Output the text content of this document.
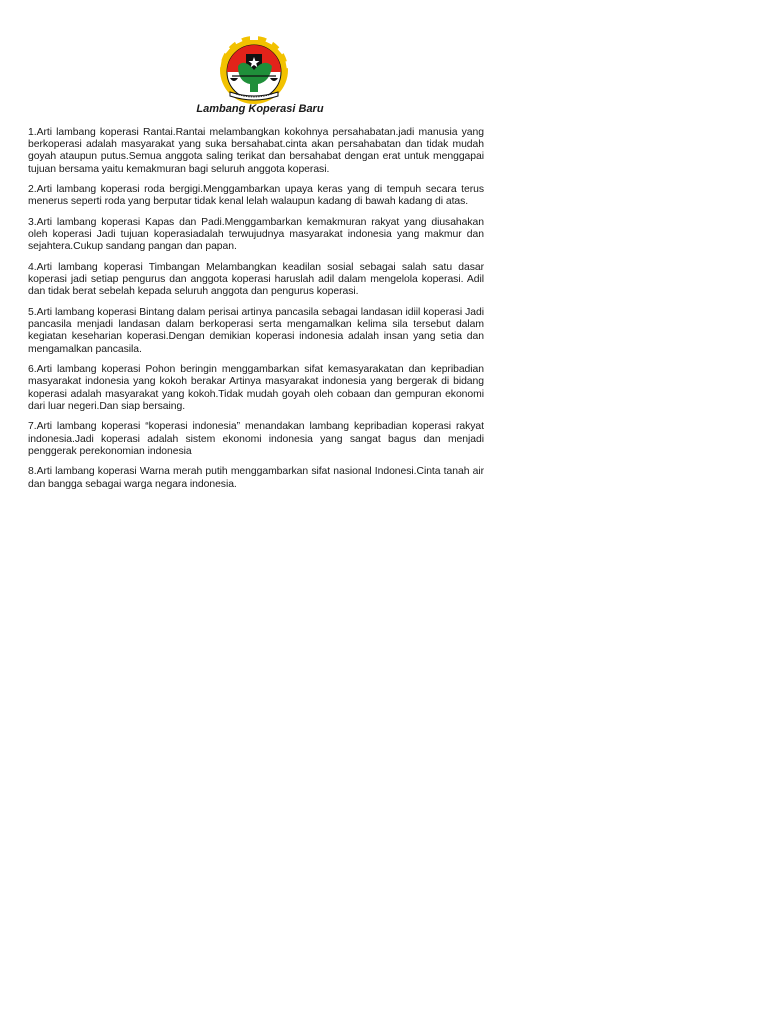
Lambang Koperasi Baru

1.Arti lambang koperasi Rantai.Rantai melambangkan kokohnya persahabatan.jadi manusia yang berkoperasi adalah masyarakat yang suka bersahabat.cinta akan persahabatan dan tidak mudah goyah ataupun putus.Semua anggota saling terikat dan bersahabat dengan erat untuk menggapai tujuan bersama yaitu kemakmuran bagi seluruh anggota koperasi.

2.Arti lambang koperasi roda bergigi.Menggambarkan upaya keras yang di tempuh secara terus menerus seperti roda yang berputar tidak kenal lelah walaupun kadang di bawah kadang di atas.

3.Arti lambang koperasi Kapas dan Padi.Menggambarkan kemakmuran rakyat yang diusahakan oleh koperasi Jadi tujuan koperasiadalah terwujudnya masyarakat indonesia yang makmur dan sejahtera.Cukup sandang pangan dan papan.

4.Arti lambang koperasi Timbangan Melambangkan keadilan sosial sebagai salah satu dasar koperasi jadi setiap pengurus dan anggota koperasi haruslah adil dalam mengelola koperasi. Adil dan tidak berat sebelah kepada seluruh anggota dan pengurus koperasi.

5.Arti lambang koperasi Bintang dalam perisai artinya pancasila sebagai landasan idiil koperasi Jadi pancasila menjadi landasan dalam berkoperasi serta mengamalkan kelima sila tersebut dalam kegiatan keseharian koperasi.Dengan demikian koperasi indonesia adalah insan yang setia dan mengamalkan pancasila.

6.Arti lambang koperasi Pohon beringin menggambarkan sifat kemasyarakatan dan kepribadian masyarakat indonesia yang kokoh berakar Artinya masyarakat indonesia yang bergerak di bidang koperasi adalah masyarakat yang kokoh.Tidak mudah goyah oleh cobaan dan gempuran ekonomi dari luar negeri.Dan siap bersaing.

7.Arti lambang koperasi “koperasi indonesia” menandakan lambang kepribadian koperasi rakyat indonesia.Jadi koperasi adalah sistem ekonomi indonesia yang sangat bagus dan menjadi penggerak perekonomian indonesia

8.Arti lambang koperasi Warna merah putih menggambarkan sifat nasional Indonesi.Cinta tanah air dan bangga sebagai warga negara indonesia.
